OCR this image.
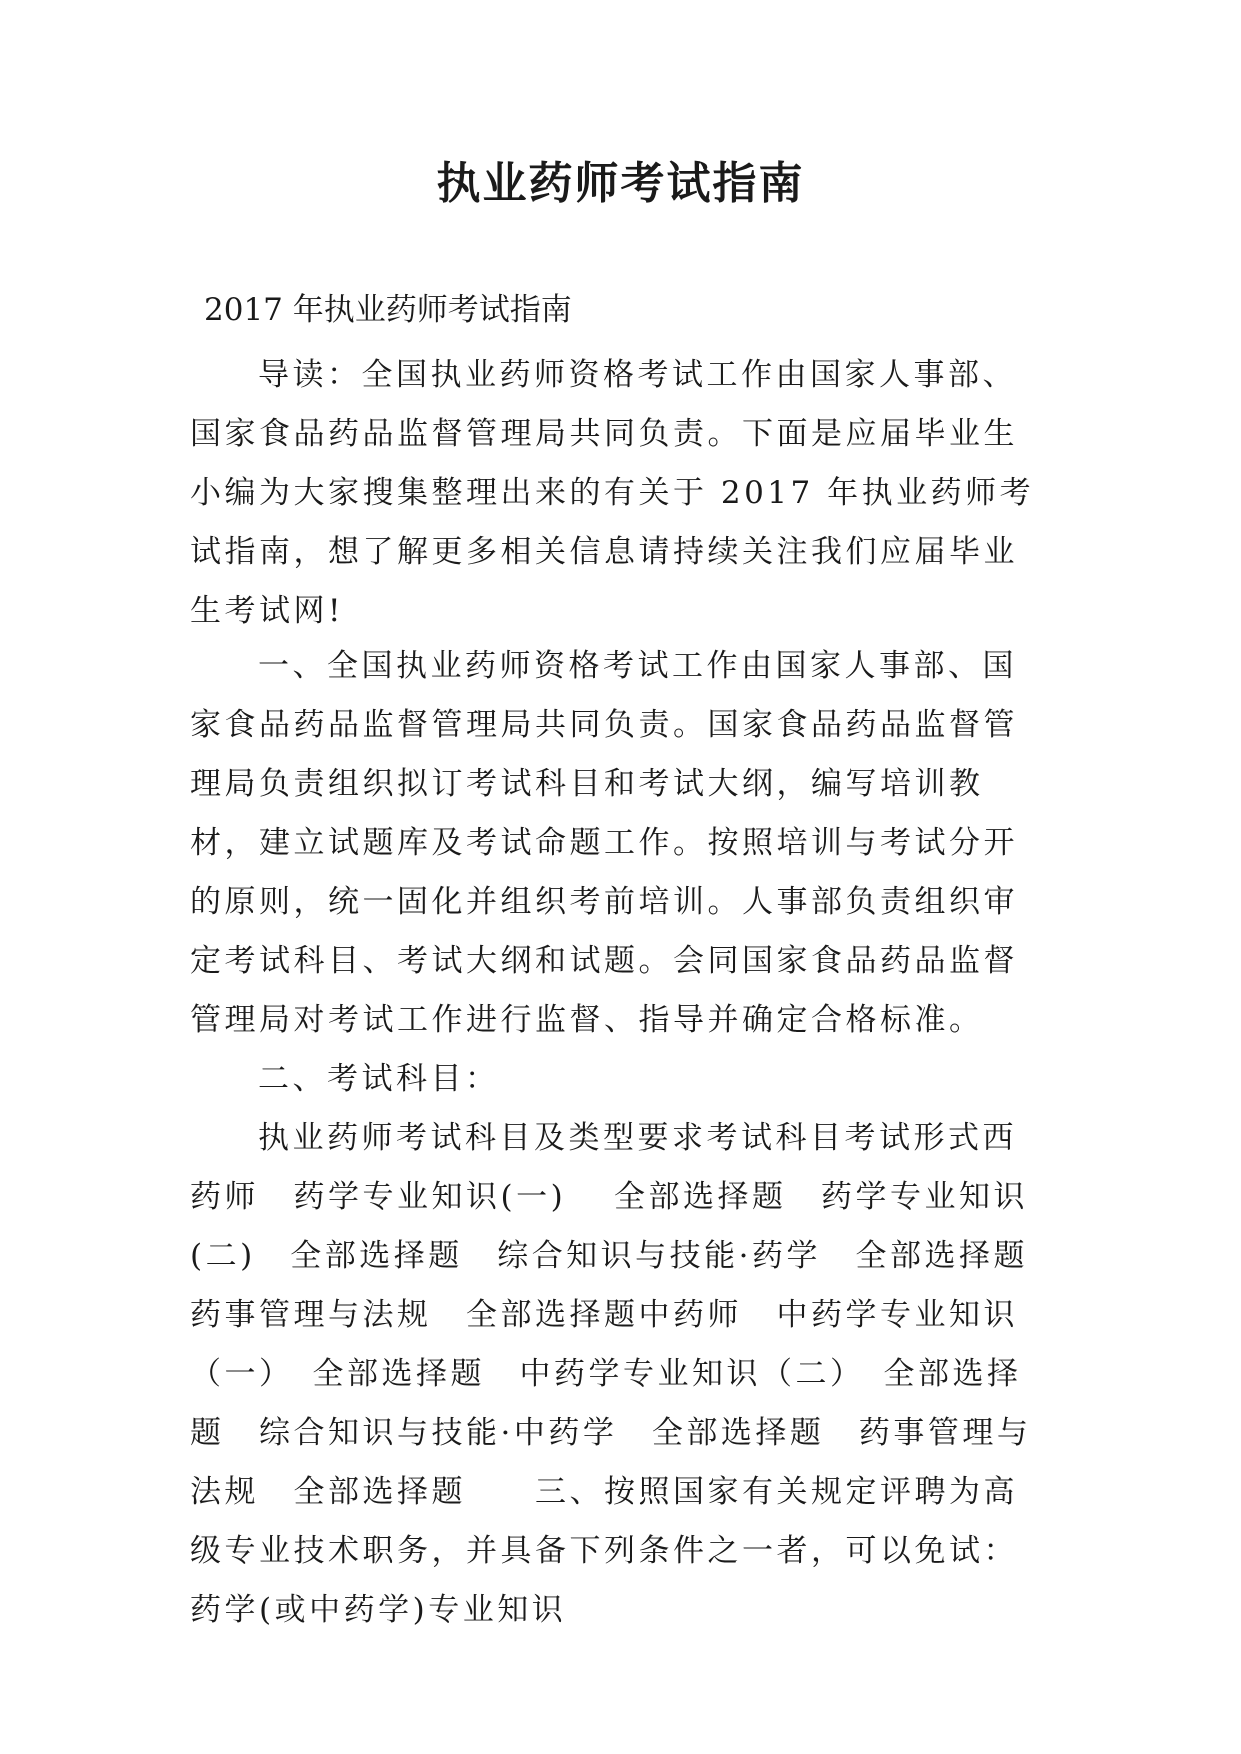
执业药师考试指南

2017 年执业药师考试指南

导读：全国执业药师资格考试工作由国家人事部、国家食品药品监督管理局共同负责。下面是应届毕业生小编为大家搜集整理出来的有关于 2017 年执业药师考试指南，想了解更多相关信息请持续关注我们应届毕业生考试网!

一、全国执业药师资格考试工作由国家人事部、国家食品药品监督管理局共同负责。国家食品药品监督管理局负责组织拟订考试科目和考试大纲，编写培训教材，建立试题库及考试命题工作。按照培训与考试分开的原则，统一固化并组织考前培训。人事部负责组织审定考试科目、考试大纲和试题。会同国家食品药品监督管理局对考试工作进行监督、指导并确定合格标准。

二、考试科目：

执业药师考试科目及类型要求考试科目考试形式西药师　药学专业知识(一)　 全部选择题　药学专业知识(二)　全部选择题　综合知识与技能·药学　全部选择题　药事管理与法规　全部选择题中药师　中药学专业知识（一）　全部选择题　中药学专业知识（二）　全部选择题　综合知识与技能·中药学　全部选择题　药事管理与法规　全部选择题　　三、按照国家有关规定评聘为高级专业技术职务，并具备下列条件之一者，可以免试：药学(或中药学)专业知识
